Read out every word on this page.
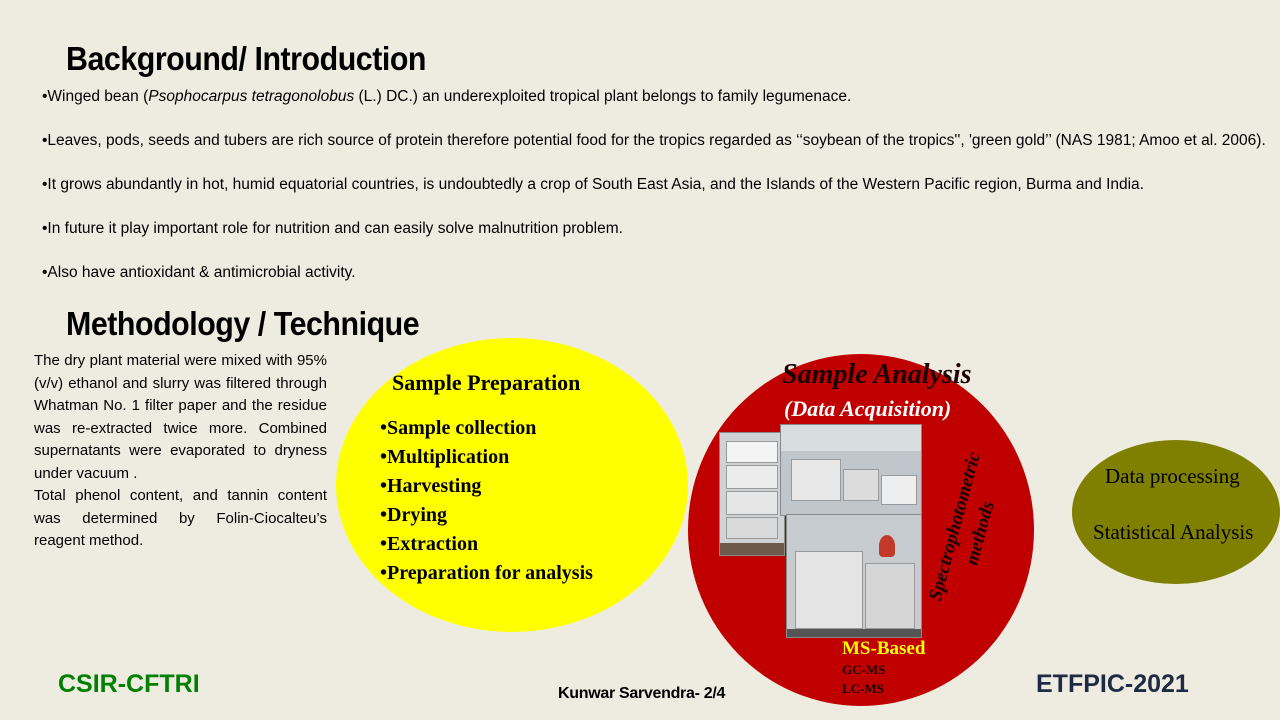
Background/ Introduction

•Winged bean (Psophocarpus tetragonolobus (L.) DC.) an underexploited tropical plant belongs to family legumenace.

•Leaves, pods, seeds and tubers are rich source of protein therefore potential food for the tropics regarded as ‘‘soybean of the tropics'', 'green gold’’ (NAS 1981; Amoo et al. 2006).

•It grows abundantly in hot, humid equatorial countries, is undoubtedly a crop of South East Asia, and the Islands of the Western Pacific region, Burma and India.

•In future it play important role for nutrition and can easily solve malnutrition problem.

•Also have antioxidant & antimicrobial activity.

Methodology / Technique

The dry plant material were mixed with 95% (v/v) ethanol and slurry was filtered through Whatman No. 1 filter paper and the residue was re-extracted twice more. Combined supernatants were evaporated to dryness under vacuum .

Total phenol content, and tannin content was determined by Folin-Ciocalteu’s reagent method.

Sample Preparation
•Sample collection
•Multiplication
•Harvesting
•Drying
•Extraction
•Preparation for analysis
Sample Analysis
(Data Acquisition)
Spectrophotometric methods
MS-Based
GC-MS
LC-MS
Data processing
Statistical Analysis
CSIR-CFTRI	Kunwar Sarvendra- 2/4	ETFPIC-2021
